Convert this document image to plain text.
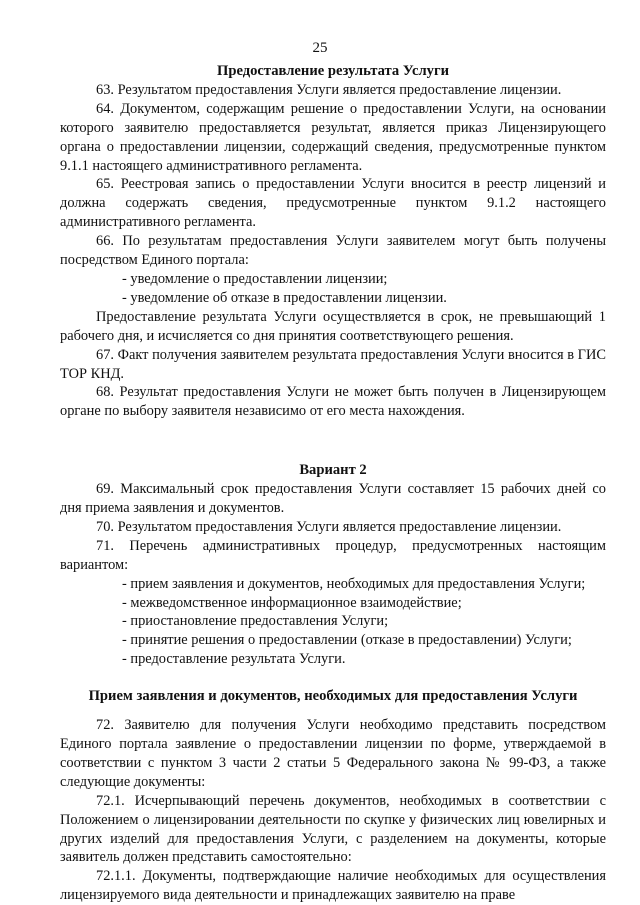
25
Предоставление результата Услуги

63. Результатом предоставления Услуги является предоставление лицензии.

64. Документом, содержащим решение о предоставлении Услуги, на основании которого заявителю предоставляется результат, является приказ Лицензирующего органа о предоставлении лицензии, содержащий сведения, предусмотренные пунктом 9.1.1 настоящего административного регламента.

65. Реестровая запись о предоставлении Услуги вносится в реестр лицензий и должна содержать сведения, предусмотренные пунктом 9.1.2 настоящего административного регламента.

66. По результатам предоставления Услуги заявителем могут быть получены посредством Единого портала:

- уведомление о предоставлении лицензии;

- уведомление об отказе в предоставлении лицензии.

Предоставление результата Услуги осуществляется в срок, не превышающий 1 рабочего дня, и исчисляется со дня принятия соответствующего решения.

67. Факт получения заявителем результата предоставления Услуги вносится в ГИС ТОР КНД.

68. Результат предоставления Услуги не может быть получен в Лицензирующем органе по выбору заявителя независимо от его места нахождения.

Вариант 2

69. Максимальный срок предоставления Услуги составляет 15 рабочих дней со дня приема заявления и документов.

70. Результатом предоставления Услуги является предоставление лицензии.

71. Перечень административных процедур, предусмотренных настоящим вариантом:

- прием заявления и документов, необходимых для предоставления Услуги;

- межведомственное информационное взаимодействие;

- приостановление предоставления Услуги;

- принятие решения о предоставлении (отказе в предоставлении) Услуги;

- предоставление результата Услуги.

Прием заявления и документов, необходимых для предоставления Услуги

72. Заявителю для получения Услуги необходимо представить посредством Единого портала заявление о предоставлении лицензии по форме, утверждаемой в соответствии с пунктом 3 части 2 статьи 5 Федерального закона № 99-ФЗ, а также следующие документы:

72.1. Исчерпывающий перечень документов, необходимых в соответствии с Положением о лицензировании деятельности по скупке у физических лиц ювелирных и других изделий для предоставления Услуги, с разделением на документы, которые заявитель должен представить самостоятельно:

72.1.1. Документы, подтверждающие наличие необходимых для осуществления лицензируемого вида деятельности и принадлежащих заявителю на праве
